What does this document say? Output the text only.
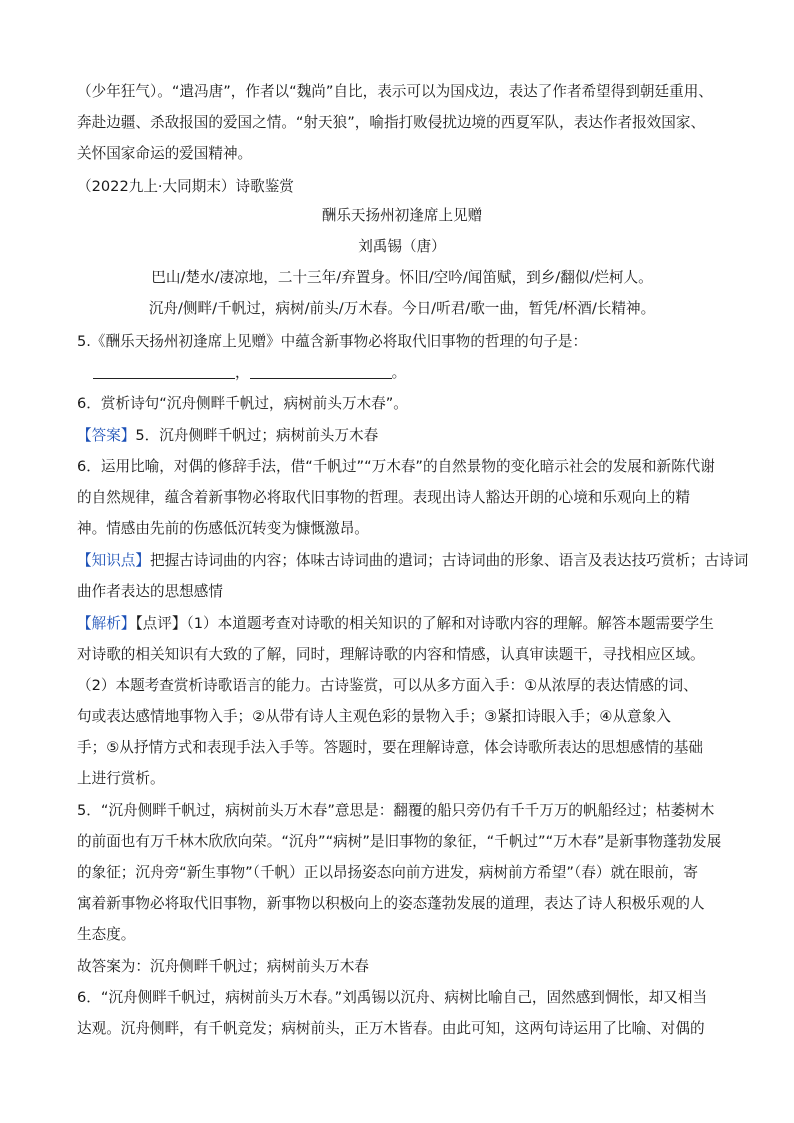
（少年狂气）。“遣冯唐”，作者以“魏尚”自比，表示可以为国戍边，表达了作者希望得到朝廷重用、
奔赴边疆、杀敌报国的爱国之情。“射天狼”，喻指打败侵扰边境的西夏军队，表达作者报效国家、
关怀国家命运的爱国精神。
（2022九上·大同期末）诗歌鉴赏
酬乐天扬州初逢席上见赠
刘禹锡（唐）
巴山/楚水/凄凉地，二十三年/弃置身。怀旧/空吟/闻笛赋，到乡/翻似/烂柯人。
沉舟/侧畔/千帆过，病树/前头/万木春。今日/听君/歌一曲，暂凭/杯酒/长精神。
5.《酬乐天扬州初逢席上见赠》中蕴含新事物必将取代旧事物的哲理的句子是：
，	。
6．赏析诗句“沉舟侧畔千帆过，病树前头万木春”。
【答案】5．沉舟侧畔千帆过；病树前头万木春
6．运用比喻，对偶的修辞手法，借“千帆过”“万木春”的自然景物的变化暗示社会的发展和新陈代谢
的自然规律，蕴含着新事物必将取代旧事物的哲理。表现出诗人豁达开朗的心境和乐观向上的精
神。情感由先前的伤感低沉转变为慷慨激昂。
【知识点】把握古诗词曲的内容；体味古诗词曲的遣词；古诗词曲的形象、语言及表达技巧赏析；古诗词
曲作者表达的思想感情
【解析】【点评】（1）本道题考查对诗歌的相关知识的了解和对诗歌内容的理解。解答本题需要学生
对诗歌的相关知识有大致的了解，同时，理解诗歌的内容和情感，认真审读题干，寻找相应区域。
（2）本题考查赏析诗歌语言的能力。古诗鉴赏，可以从多方面入手：①从浓厚的表达情感的词、
句或表达感情地事物入手；②从带有诗人主观色彩的景物入手；③紧扣诗眼入手；④从意象入
手；⑤从抒情方式和表现手法入手等。答题时，要在理解诗意，体会诗歌所表达的思想感情的基础
上进行赏析。
5．“沉舟侧畔千帆过，病树前头万木春”意思是：翻覆的船只旁仍有千千万万的帆船经过；枯萎树木
的前面也有万千林木欣欣向荣。“沉舟”“病树”是旧事物的象征，“千帆过”“万木春”是新事物蓬勃发展
的象征；沉舟旁“新生事物”（千帆）正以昂扬姿态向前方进发，病树前方希望”（春）就在眼前，寄
寓着新事物必将取代旧事物，新事物以积极向上的姿态蓬勃发展的道理，表达了诗人积极乐观的人
生态度。
故答案为：沉舟侧畔千帆过；病树前头万木春
6．“沉舟侧畔千帆过，病树前头万木春。”刘禹锡以沉舟、病树比喻自己，固然感到惆怅，却又相当
达观。沉舟侧畔，有千帆竞发；病树前头，正万木皆春。由此可知，这两句诗运用了比喻、对偶的
